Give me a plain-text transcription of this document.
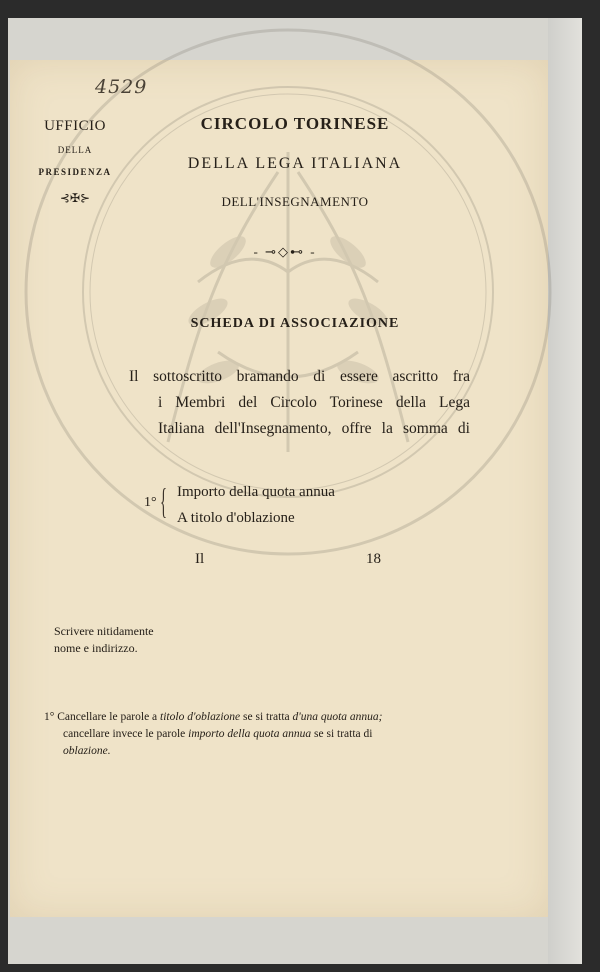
4529
UFFICIO
DELLA
PRESIDENZA
⊰✠⊱
CIRCOLO TORINESE
DELLA LEGA ITALIANA
DELL'INSEGNAMENTO
- ⊸◇⊷ -
SCHEDA DI ASSOCIAZIONE
Il sottoscritto bramando di essere ascritto fra
i Membri del Circolo Torinese della Lega
Italiana dell'Insegnamento, offre la somma di
1° { Importo della quota annua
A titolo d'oblazione
Il	18
Scrivere nitidamente
nome e indirizzo.
1° Cancellare le parole a titolo d'oblazione se si tratta d'una quota annua;
cancellare invece le parole importo della quota annua se si tratta di
oblazione.
